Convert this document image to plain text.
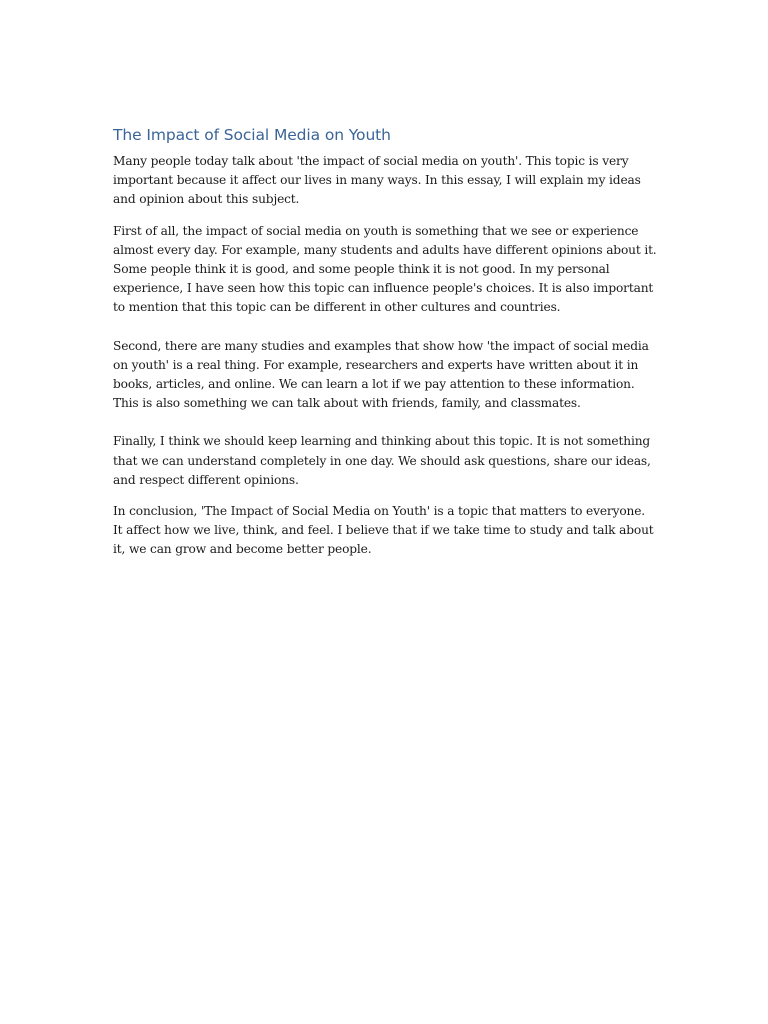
The Impact of Social Media on Youth

Many people today talk about 'the impact of social media on youth'. This topic is very important because it affect our lives in many ways. In this essay, I will explain my ideas and opinion about this subject.

First of all, the impact of social media on youth is something that we see or experience almost every day. For example, many students and adults have different opinions about it. Some people think it is good, and some people think it is not good. In my personal experience, I have seen how this topic can influence people's choices. It is also important to mention that this topic can be different in other cultures and countries.

Second, there are many studies and examples that show how 'the impact of social media on youth' is a real thing. For example, researchers and experts have written about it in books, articles, and online. We can learn a lot if we pay attention to these information. This is also something we can talk about with friends, family, and classmates.

Finally, I think we should keep learning and thinking about this topic. It is not something that we can understand completely in one day. We should ask questions, share our ideas, and respect different opinions.

In conclusion, 'The Impact of Social Media on Youth' is a topic that matters to everyone. It affect how we live, think, and feel. I believe that if we take time to study and talk about it, we can grow and become better people.
